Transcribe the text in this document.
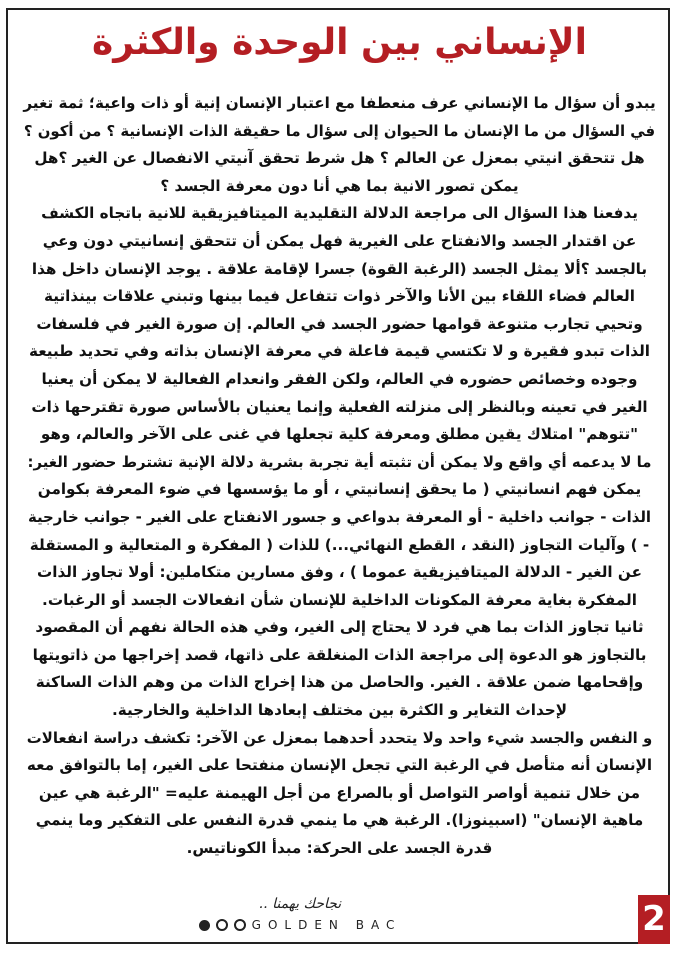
الإنساني بين الوحدة والكثرة
يبدو أن سؤال ما الإنساني عرف منعطفا مع اعتبار الإنسان إنية أو ذات واعية؛ ثمة تغير
في السؤال من ما الإنسان ما الحيوان إلى سؤال ما حقيقة الذات الإنسانية ؟ من أكون ؟
هل تتحقق انيتي بمعزل عن العالم ؟ هل شرط تحقق آنيتي الانفصال عن الغير ؟هل
يمكن تصور الانية بما هي أنا دون معرفة الجسد ؟
يدفعنا هذا السؤال الى مراجعة الدلالة التقليدية الميتافيزيقية للانية باتجاه الكشف
عن اقتدار الجسد والانفتاح على الغيرية فهل يمكن أن تتحقق إنسانيتي دون وعي
بالجسد ؟ألا يمثل الجسد (الرغبة القوة) جسرا لإقامة علاقة . يوجد الإنسان داخل هذا
العالم فضاء اللقاء بين الأنا والآخر ذوات تتفاعل فيما بينها وتبني علاقات بينذاتية
وتحيي تجارب متنوعة قوامها حضور الجسد في العالم. إن صورة الغير في فلسفات
الذات تبدو فقيرة و لا تكتسي قيمة فاعلة في معرفة الإنسان بذاته وفي تحديد طبيعة
وجوده وخصائص حضوره في العالم، ولكن الفقر وانعدام الفعالية لا يمكن أن يعنيا
الغير في تعينه وبالنظر إلى منزلته الفعلية وإنما يعنيان بالأساس صورة تقترحها ذات
"تتوهم" امتلاك يقين مطلق ومعرفة كلية تجعلها في غنى على الآخر والعالم، وهو
ما لا يدعمه أي واقع ولا يمكن أن تثبته أية تجربة بشرية دلالة الإنية تشترط حضور الغير:
يمكن فهم انسانيتي ( ما يحقق إنسانيتي ، أو ما يؤسسها في ضوء المعرفة بكوامن
الذات - جوانب داخلية - أو المعرفة بدواعي و جسور الانفتاح على الغير - جوانب خارجية
- ) وآليات التجاوز (النقد ، القطع النهائي...) للذات ( المفكرة و المتعالية و المستقلة
عن الغير - الدلالة الميتافيزيقية عموما ) ، وفق مسارين متكاملين: أولا تجاوز الذات
المفكرة بغاية معرفة المكونات الداخلية للإنسان شأن انفعالات الجسد أو الرغبات.
ثانيا تجاوز الذات بما هي فرد لا يحتاج إلى الغير، وفي هذه الحالة نفهم أن المقصود
بالتجاوز هو الدعوة إلى مراجعة الذات المنغلقة على ذاتها، قصد إخراجها من ذاتويتها
وإقحامها ضمن علاقة . الغير. والحاصل من هذا إخراج الذات من وهم الذات الساكنة
لإحداث التغاير و الكثرة بين مختلف إبعادها الداخلية والخارجية.
و النفس والجسد شيء واحد ولا يتحدد أحدهما بمعزل عن الآخر: تكشف دراسة انفعالات
الإنسان أنه متأصل في الرغبة التي تجعل الإنسان منفتحا على الغير، إما بالتوافق معه
من خلال تنمية أواصر التواصل أو بالصراع من أجل الهيمنة عليه= "الرغبة هي عين
ماهية الإنسان" (اسبينوزا). الرغبة هي ما ينمي قدرة النفس على التفكير وما ينمي
قدرة الجسد على الحركة: مبدأ الكوناتيس.
نجاحك يهمنا ..
GOLDEN BAC	2
